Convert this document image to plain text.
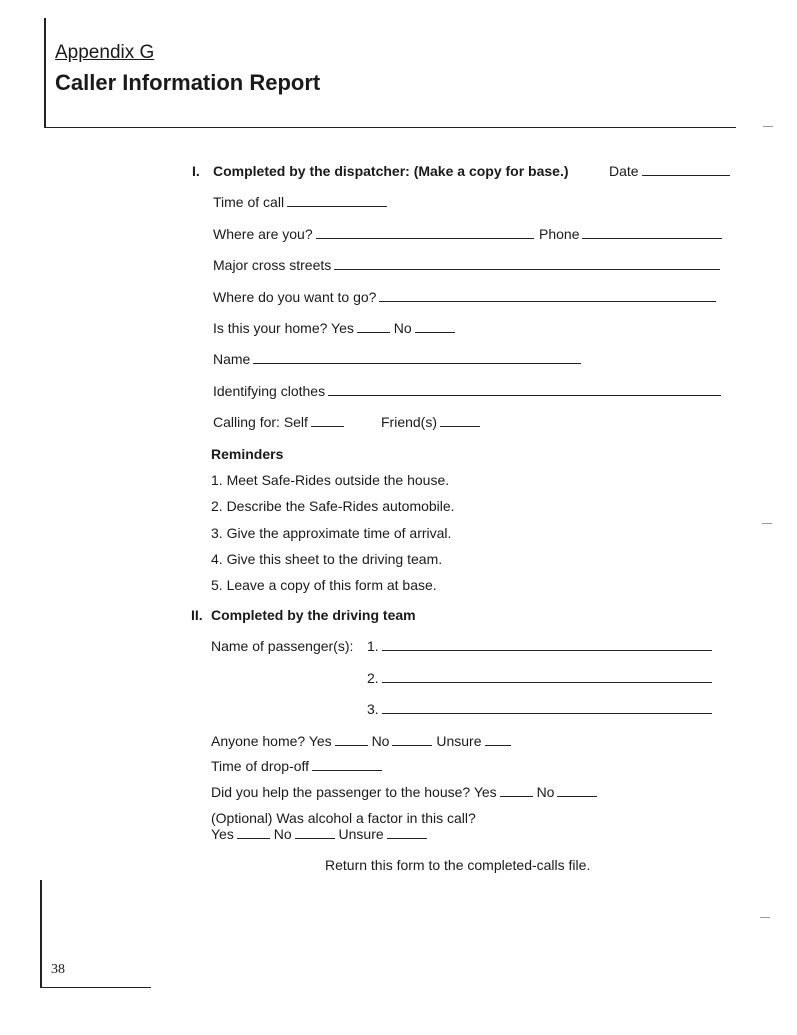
Appendix G
Caller Information Report
I. Completed by the dispatcher: (Make a copy for base.)	Date
Time of call
Where are you?	Phone
Major cross streets
Where do you want to go?
Is this your home? Yes	No
Name
Identifying clothes
Calling for: Self	Friend(s)
Reminders
1. Meet Safe-Rides outside the house.
2. Describe the Safe-Rides automobile.
3. Give the approximate time of arrival.
4. Give this sheet to the driving team.
5. Leave a copy of this form at base.
II. Completed by the driving team
Name of passenger(s): 1.
2.
3.
Anyone home? Yes	No	Unsure
Time of drop-off
Did you help the passenger to the house? Yes	No
(Optional) Was alcohol a factor in this call?
Yes	No	Unsure
Return this form to the completed-calls file.
38
